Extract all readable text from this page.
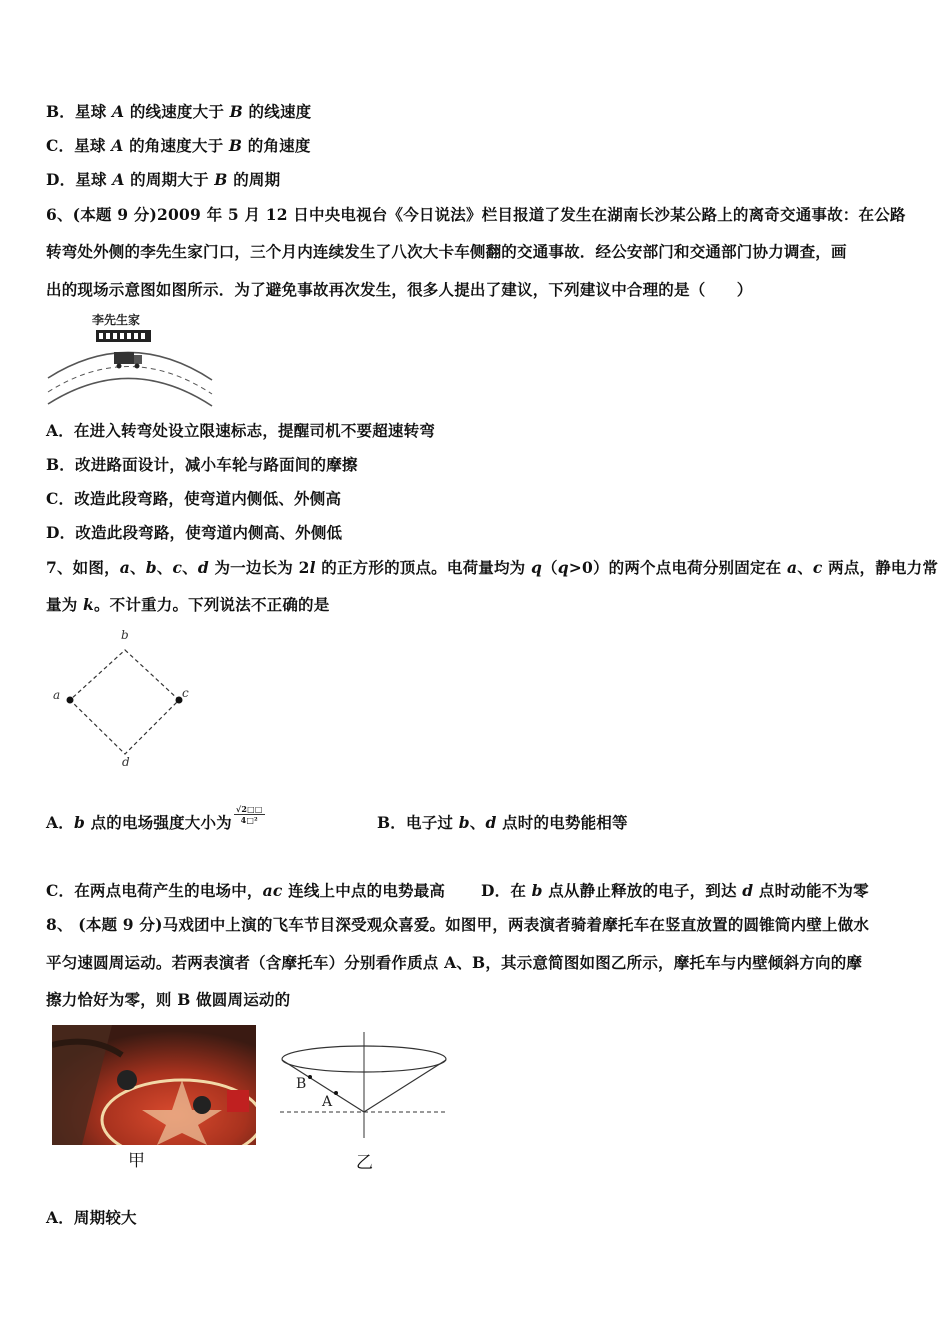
B．星球 A 的线速度大于 B 的线速度
C．星球 A 的角速度大于 B 的角速度
D．星球 A 的周期大于 B 的周期
6、(本题 9 分)2009 年 5 月 12 日中央电视台《今日说法》栏目报道了发生在湖南长沙某公路上的离奇交通事故：在公路
转弯处外侧的李先生家门口，三个月内连续发生了八次大卡车侧翻的交通事故．经公安部门和交通部门协力调查，画
出的现场示意图如图所示．为了避免事故再次发生，很多人提出了建议，下列建议中合理的是（　　）
李先生家
A．在进入转弯处设立限速标志，提醒司机不要超速转弯
B．改进路面设计，减小车轮与路面间的摩擦
C．改造此段弯路，使弯道内侧低、外侧高
D．改造此段弯路，使弯道内侧高、外侧低
7、如图，a、b、c、d 为一边长为 2l 的正方形的顶点。电荷量均为 q（q>0）的两个点电荷分别固定在 a、c 两点，静电力常
量为 k。不计重力。下列说法不正确的是
b
a	c
d
A．b 点的电场强度大小为 $\frac{√2□□}{\text{4□²}}$	B．电子过 b、d 点时的电势能相等
C．在两点电荷产生的电场中，ac 连线上中点的电势最高 D．在 b 点从静止释放的电子，到达 d 点时动能不为零
8、 (本题 9 分)马戏团中上演的飞车节目深受观众喜爱。如图甲，两表演者骑着摩托车在竖直放置的圆锥筒内壁上做水
平匀速圆周运动。若两表演者（含摩托车）分别看作质点 A、B，其示意简图如图乙所示，摩托车与内壁倾斜方向的摩
擦力恰好为零，则 B 做圆周运动的
甲
B
A
乙
A．周期较大
